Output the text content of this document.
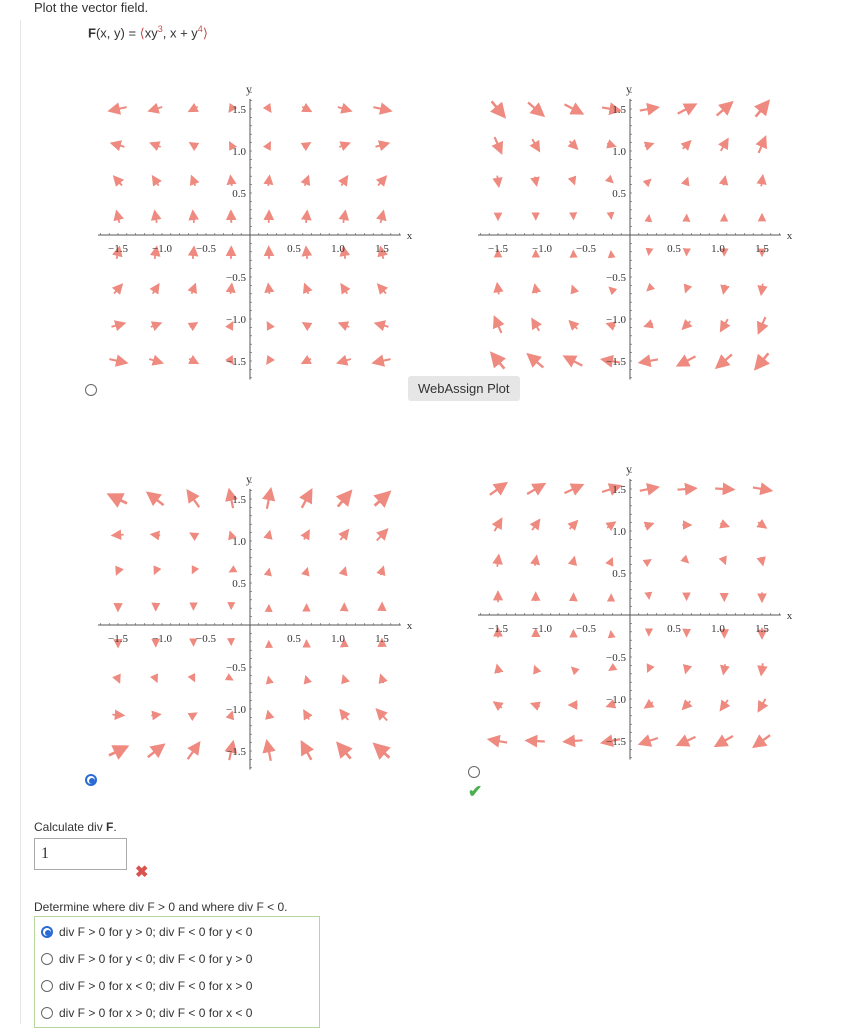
Plot the vector field.
F(x, $y) = ⟨xy^3$, $x + y^4⟩$
−1.5 −1.0 −0.5	0.5	1.0	1.5
1.5
1.0
0.5
−0.5
−1.0
−1.5
x
y
−1.5 −1.0 −0.5	0.5	1.0	1.5
1.5
1.0
0.5
−0.5
−1.0
−1.5
x
y
−1.5 −1.0 −0.5	0.5	1.0	1.5
1.5
1.0
0.5
−0.5
−1.0
−1.5
x
y
−1.5 −1.0 −0.5	0.5	1.0	1.5
1.5
1.0
0.5
−0.5
−1.0
−1.5
x
y
WebAssign Plot
✔
Calculate div F.
1
✖
Determine where div F > 0 and where div F < 0.
div F > 0 for y > 0; div F < 0 for y < 0
div F > 0 for y < 0; div F < 0 for y > 0
div F > 0 for x < 0; div F < 0 for x > 0
div F > 0 for x > 0; div F < 0 for x < 0
